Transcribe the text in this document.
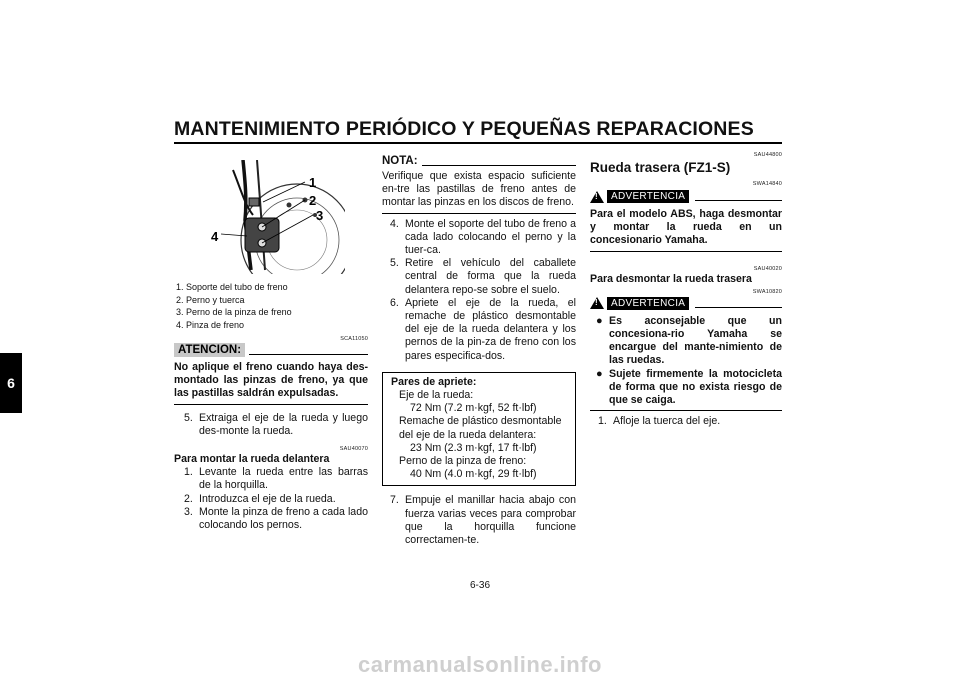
MANTENIMIENTO PERIÓDICO Y PEQUEÑAS REPARACIONES
6
1
2
3
4
1. Soporte del tubo de freno
2. Perno y tuerca
3. Perno de la pinza de freno
4. Pinza de freno
SCA11050
ATENCION:
No aplique el freno cuando haya des-montado las pinzas de freno, ya que las pastillas saldrán expulsadas.
5. Extraiga el eje de la rueda y luego des-monte la rueda.
SAU40070
Para montar la rueda delantera
1. Levante la rueda entre las barras de la horquilla.
2. Introduzca el eje de la rueda.
3. Monte la pinza de freno a cada lado colocando los pernos.
NOTA:
Verifique que exista espacio suficiente en-tre las pastillas de freno antes de montar las pinzas en los discos de freno.
4. Monte el soporte del tubo de freno a cada lado colocando el perno y la tuer-ca.
5. Retire el vehículo del caballete central de forma que la rueda delantera repo-se sobre el suelo.
6. Apriete el eje de la rueda, el remache de plástico desmontable del eje de la rueda delantera y los pernos de la pin-za de freno con los pares especifica-dos.
Pares de apriete:
Eje de la rueda:
72 Nm (7.2 m·kgf, 52 ft·lbf)
Remache de plástico desmontable
del eje de la rueda delantera:
23 Nm (2.3 m·kgf, 17 ft·lbf)
Perno de la pinza de freno:
40 Nm (4.0 m·kgf, 29 ft·lbf)
7. Empuje el manillar hacia abajo con fuerza varias veces para comprobar que la horquilla funcione correctamen-te.
SAU44800
Rueda trasera (FZ1-S)
SWA14840
!	ADVERTENCIA
Para el modelo ABS, haga desmontar y montar la rueda en un concesionario Yamaha.
SAU40020
Para desmontar la rueda trasera
SWA10820
!	ADVERTENCIA
● Es aconsejable que un concesiona-rio Yamaha se encargue del mante-nimiento de las ruedas.
● Sujete firmemente la motocicleta de forma que no exista riesgo de que se caiga.
1. Afloje la tuerca del eje.
6-36
carmanualsonline.info
